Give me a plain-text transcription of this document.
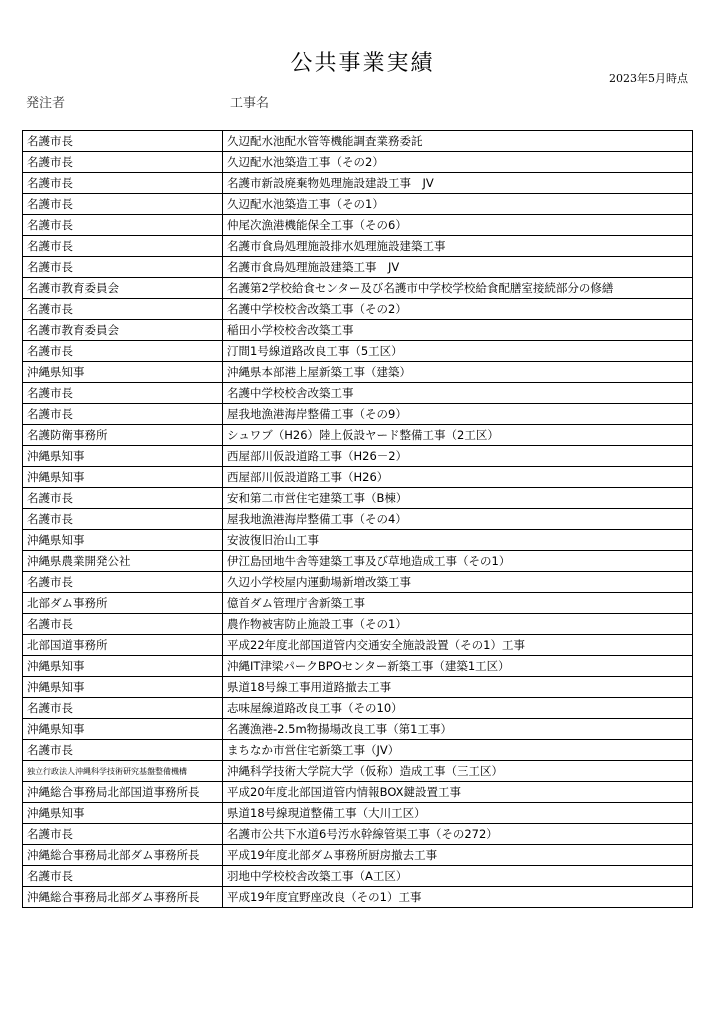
公共事業実績
2023年5月時点
発注者	工事名
名護市長	久辺配水池配水管等機能調査業務委託
名護市長	久辺配水池築造工事（その2）
名護市長	名護市新設廃棄物処理施設建設工事　JV
名護市長	久辺配水池築造工事（その1）
名護市長	仲尾次漁港機能保全工事（その6）
名護市長	名護市食鳥処理施設排水処理施設建築工事
名護市長	名護市食鳥処理施設建築工事　JV
名護市教育委員会	名護第2学校給食センター及び名護市中学校学校給食配膳室接続部分の修繕
名護市長	名護中学校校舎改築工事（その2）
名護市教育委員会	稲田小学校校舎改築工事
名護市長	汀間1号線道路改良工事（5工区）
沖縄県知事	沖縄県本部港上屋新築工事（建築）
名護市長	名護中学校校舎改築工事
名護市長	屋我地漁港海岸整備工事（その9）
名護防衛事務所	シュワブ（H26）陸上仮設ヤード整備工事（2工区）
沖縄県知事	西屋部川仮設道路工事（H26－2）
沖縄県知事	西屋部川仮設道路工事（H26）
名護市長	安和第二市営住宅建築工事（B棟）
名護市長	屋我地漁港海岸整備工事（その4）
沖縄県知事	安波復旧治山工事
沖縄県農業開発公社	伊江島団地牛舎等建築工事及び草地造成工事（その1）
名護市長	久辺小学校屋内運動場新増改築工事
北部ダム事務所	億首ダム管理庁舎新築工事
名護市長	農作物被害防止施設工事（その1）
北部国道事務所	平成22年度北部国道管内交通安全施設設置（その1）工事
沖縄県知事	沖縄IT津梁パークBPOセンター新築工事（建築1工区）
沖縄県知事	県道18号線工事用道路撤去工事
名護市長	志味屋線道路改良工事（その10）
沖縄県知事	名護漁港-2.5m物揚場改良工事（第1工事）
名護市長	まちなか市営住宅新築工事（JV）
独立行政法人沖縄科学技術研究基盤整備機構	沖縄科学技術大学院大学（仮称）造成工事（三工区）
沖縄総合事務局北部国道事務所長	平成20年度北部国道管内情報BOX鍵設置工事
沖縄県知事	県道18号線現道整備工事（大川工区）
名護市長	名護市公共下水道6号汚水幹線管渠工事（その272）
沖縄総合事務局北部ダム事務所長	平成19年度北部ダム事務所厨房撤去工事
名護市長	羽地中学校校舎改築工事（A工区）
沖縄総合事務局北部ダム事務所長	平成19年度宜野座改良（その1）工事
